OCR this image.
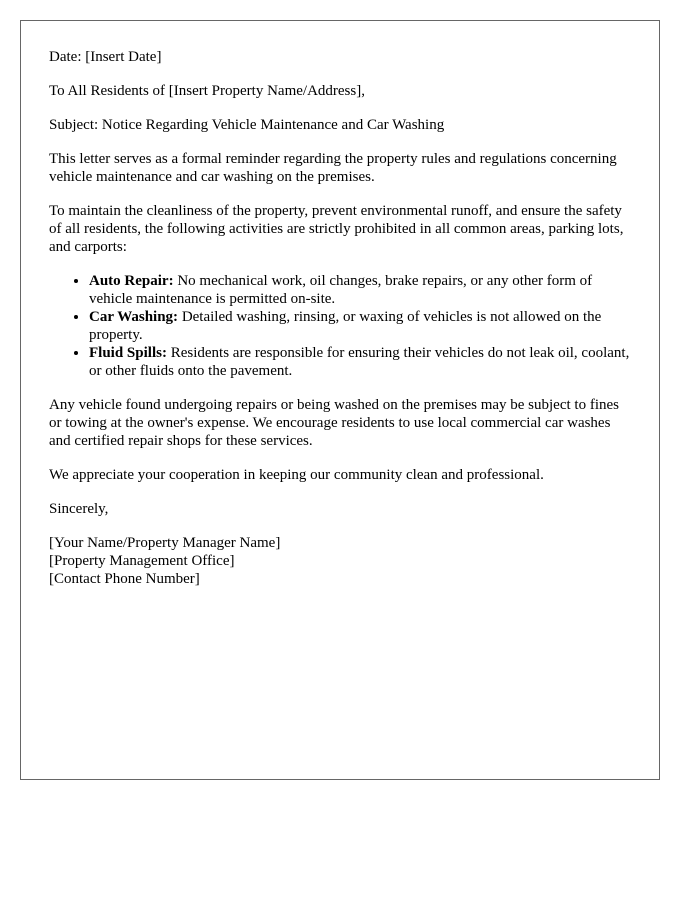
Date: [Insert Date]

To All Residents of [Insert Property Name/Address],

Subject: Notice Regarding Vehicle Maintenance and Car Washing

This letter serves as a formal reminder regarding the property rules and regulations concerning vehicle maintenance and car washing on the premises.

To maintain the cleanliness of the property, prevent environmental runoff, and ensure the safety of all residents, the following activities are strictly prohibited in all common areas, parking lots, and carports:

• Auto Repair: No mechanical work, oil changes, brake repairs, or any other form of vehicle maintenance is permitted on-site.
• Car Washing: Detailed washing, rinsing, or waxing of vehicles is not allowed on the property.
• Fluid Spills: Residents are responsible for ensuring their vehicles do not leak oil, coolant, or other fluids onto the pavement.

Any vehicle found undergoing repairs or being washed on the premises may be subject to fines or towing at the owner's expense. We encourage residents to use local commercial car washes and certified repair shops for these services.

We appreciate your cooperation in keeping our community clean and professional.

Sincerely,

[Your Name/Property Manager Name]
[Property Management Office]
[Contact Phone Number]
